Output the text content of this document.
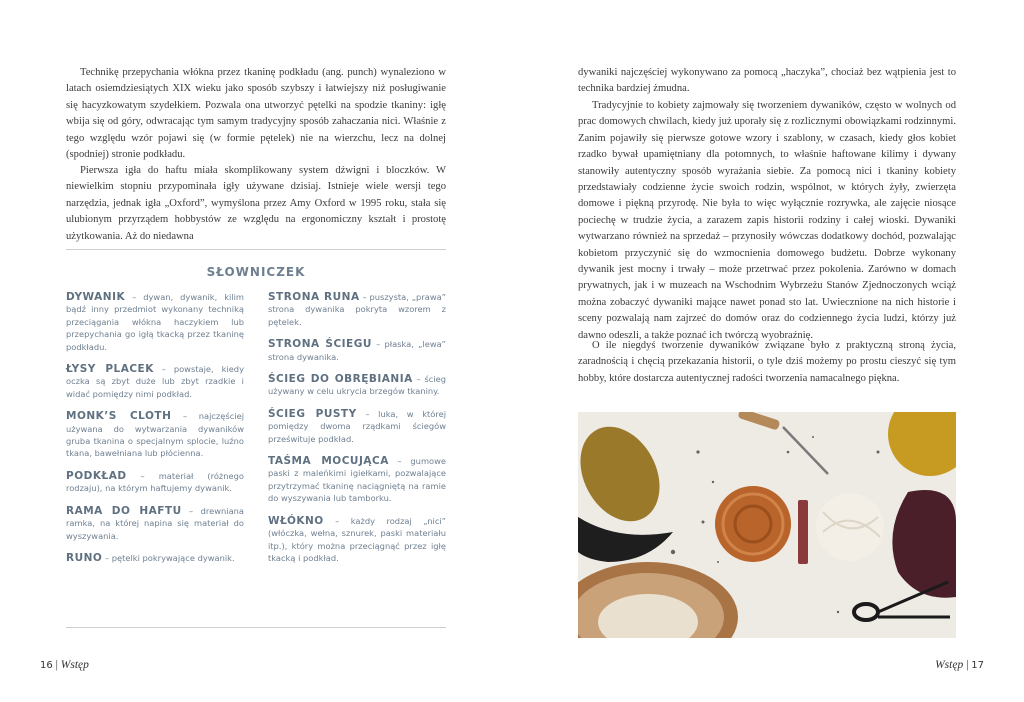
Technikę przepychania włókna przez tkaninę podkładu (ang. punch) wynaleziono w latach osiemdziesiątych XIX wieku jako sposób szybszy i łatwiejszy niż posługiwanie się hacyzkowatym szydełkiem. Pozwala ona utworzyć pętelki na spodzie tkaniny: igłę wbija się od góry, odwracając tym samym tradycyjny sposób zahaczania nici. Właśnie z tego względu wzór pojawi się (w formie pętelek) nie na wierzchu, lecz na dolnej (spodniej) stronie podkładu.

Pierwsza igła do haftu miała skomplikowany system dźwigni i bloczków. W niewielkim stopniu przypominała igły używane dzisiaj. Istnieje wiele wersji tego narzędzia, jednak igła „Oxford”, wymyślona przez Amy Oxford w 1995 roku, stała się ulubionym przyrządem hobbystów ze względu na ergonomiczny kształt i prostotę użytkowania. Aż do niedawna

SŁOWNICZEK

DYWANIK – dywan, dywanik, kilim bądź inny przedmiot wykonany techniką przeciągania włókna haczykiem lub przepychania go igłą tkacką przez tkaninę podkładu.

ŁYSY PLACEK – powstaje, kiedy oczka są zbyt duże lub zbyt rzadkie i widać pomiędzy nimi podkład.

MONK’S CLOTH – najczęściej używana do wytwarzania dywaników gruba tkanina o specjalnym splocie, luźno tkana, bawełniana lub płócienna.

PODKŁAD – materiał (różnego rodzaju), na którym haftujemy dywanik.

RAMA DO HAFTU – drewniana ramka, na której napina się materiał do wyszywania.

RUNO – pętelki pokrywające dywanik.

STRONA RUNA – puszysta, „prawa” strona dywanika pokryta wzorem z pętelek.

STRONA ŚCIEGU – płaska, „lewa” strona dywanika.

ŚCIEG DO OBRĘBIANIA – ścieg używany w celu ukrycia brzegów tkaniny.

ŚCIEG PUSTY – luka, w której pomiędzy dwoma rządkami ściegów prześwituje podkład.

TAŚMA MOCUJĄCA – gumowe paski z maleńkimi igiełkami, pozwalające przytrzymać tkaninę naciągniętą na ramie do wyszywania lub tamborku.

WŁÓKNO – każdy rodzaj „nici” (włóczka, wełna, sznurek, paski materiału itp.), który można przeciągnąć przez igłę tkacką i podkład.

16 | Wstęp

dywaniki najczęściej wykonywano za pomocą „haczyka”, chociaż bez wątpienia jest to technika bardziej żmudna.

Tradycyjnie to kobiety zajmowały się tworzeniem dywaników, często w wolnych od prac domowych chwilach, kiedy już uporały się z rozlicznymi obowiązkami rodzinnymi. Zanim pojawiły się pierwsze gotowe wzory i szablony, w czasach, kiedy głos kobiet rzadko bywał upamiętniany dla potomnych, to właśnie haftowane kilimy i dywany stanowiły autentyczny sposób wyrażania siebie. Za pomocą nici i tkaniny kobiety przedstawiały codzienne życie swoich rodzin, wspólnot, w których żyły, zwierzęta domowe i piękną przyrodę. Nie była to więc wyłącznie rozrywka, ale zajęcie niosące pociechę w trudzie życia, a zarazem zapis historii rodziny i całej wioski. Dywaniki wytwarzano również na sprzedaż – przynosiły wówczas dodatkowy dochód, pozwalając kobietom przyczynić się do wzmocnienia domowego budżetu. Dobrze wykonany dywanik jest mocny i trwały – może przetrwać przez pokolenia. Zarówno w domach prywatnych, jak i w muzeach na Wschodnim Wybrzeżu Stanów Zjednoczonych wciąż można zobaczyć dywaniki mające nawet ponad sto lat. Uwiecznione na nich historie i sceny pozwalają nam zajrzeć do domów oraz do codziennego życia ludzi, którzy już dawno odeszli, a także poznać ich twórczą wyobraźnię.

O ile niegdyś tworzenie dywaników związane było z praktyczną stroną życia, zaradnością i chęcią przekazania historii, o tyle dziś możemy po prostu cieszyć się tym hobby, które dostarcza autentycznej radości tworzenia namacalnego piękna.

Wstęp | 17
